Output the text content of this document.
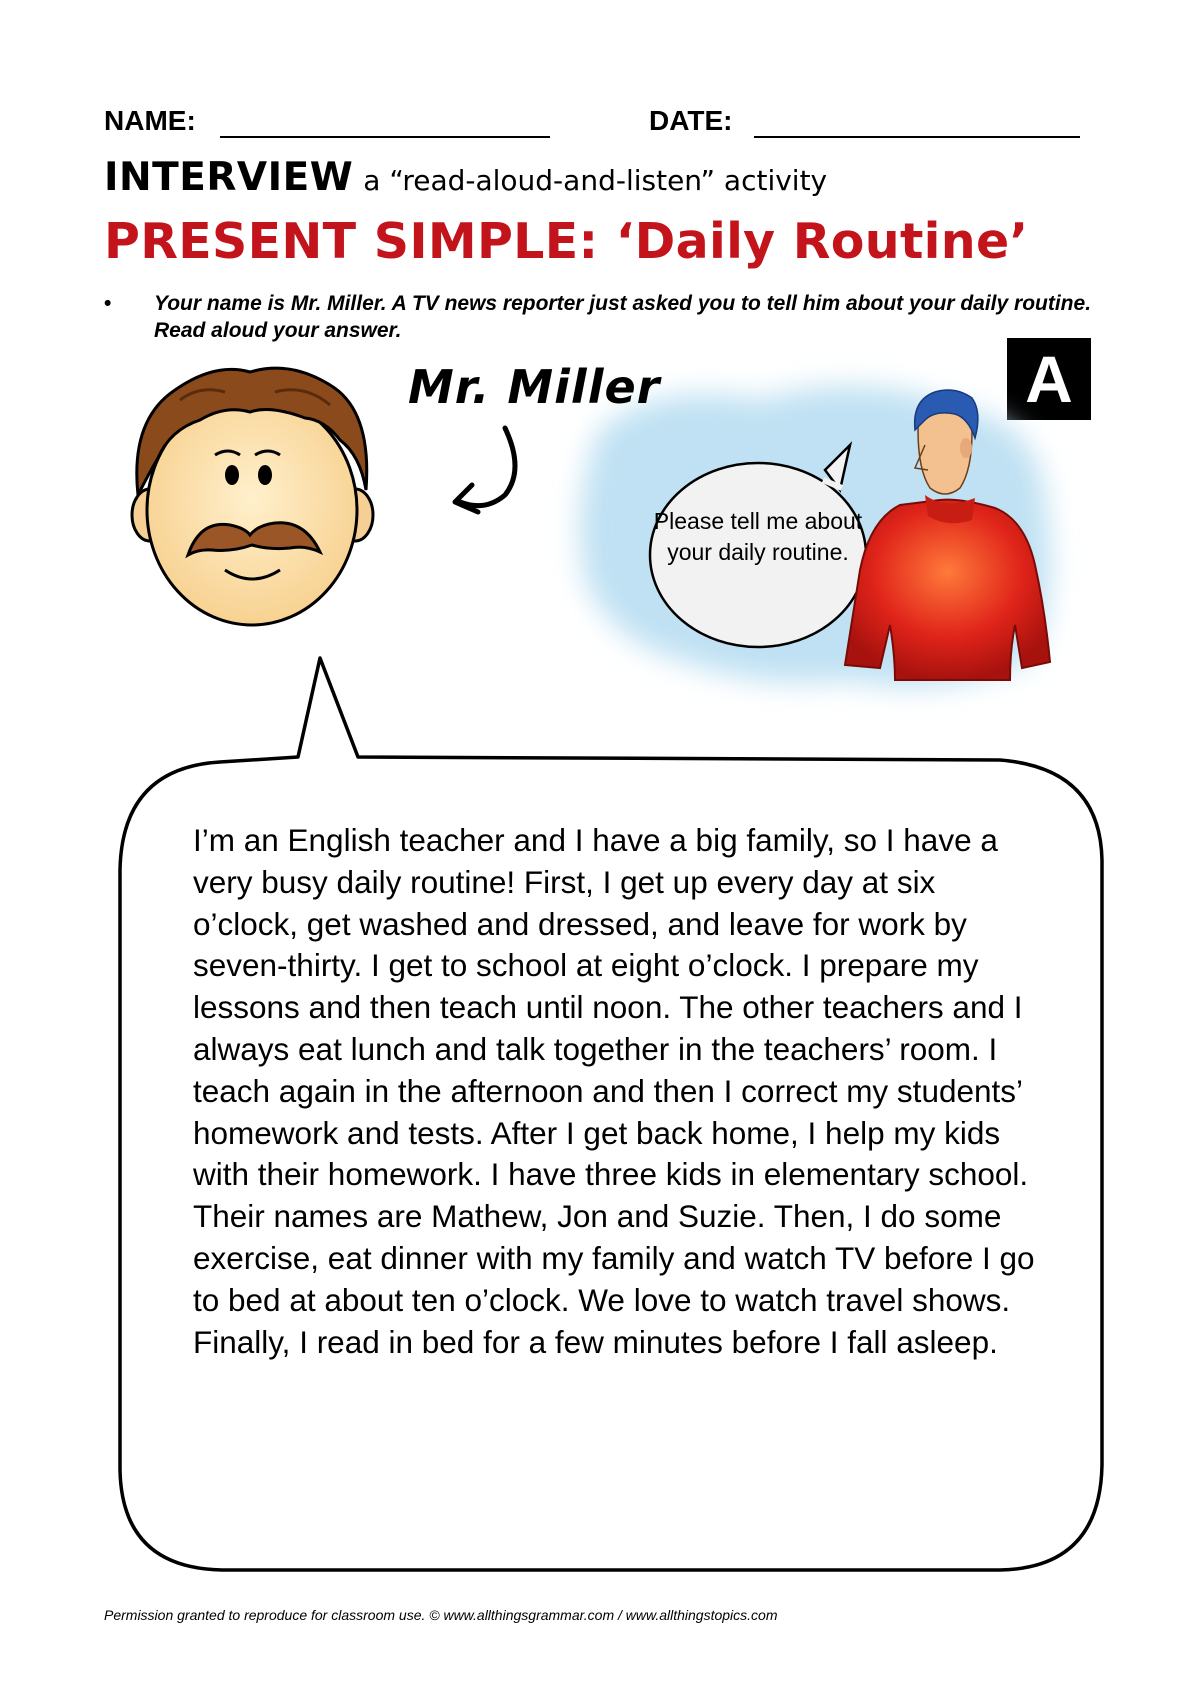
NAME:	DATE:
INTERVIEW a “read-aloud-and-listen” activity
PRESENT SIMPLE: ‘Daily Routine’
• Your name is Mr. Miller. A TV news reporter just asked you to tell him about your daily routine. Read aloud your answer.
A
Mr. Miller
Please tell me about your daily routine.
I’m an English teacher and I have a big family, so I have a very busy daily routine! First, I get up every day at six o’clock, get washed and dressed, and leave for work by seven-thirty. I get to school at eight o’clock. I prepare my lessons and then teach until noon. The other teachers and I always eat lunch and talk together in the teachers’ room. I teach again in the afternoon and then I correct my students’ homework and tests. After I get back home, I help my kids with their homework. I have three kids in elementary school. Their names are Mathew, Jon and Suzie. Then, I do some exercise, eat dinner with my family and watch TV before I go to bed at about ten o’clock. We love to watch travel shows. Finally, I read in bed for a few minutes before I fall asleep.
Permission granted to reproduce for classroom use. © www.allthingsgrammar.com / www.allthingstopics.com
